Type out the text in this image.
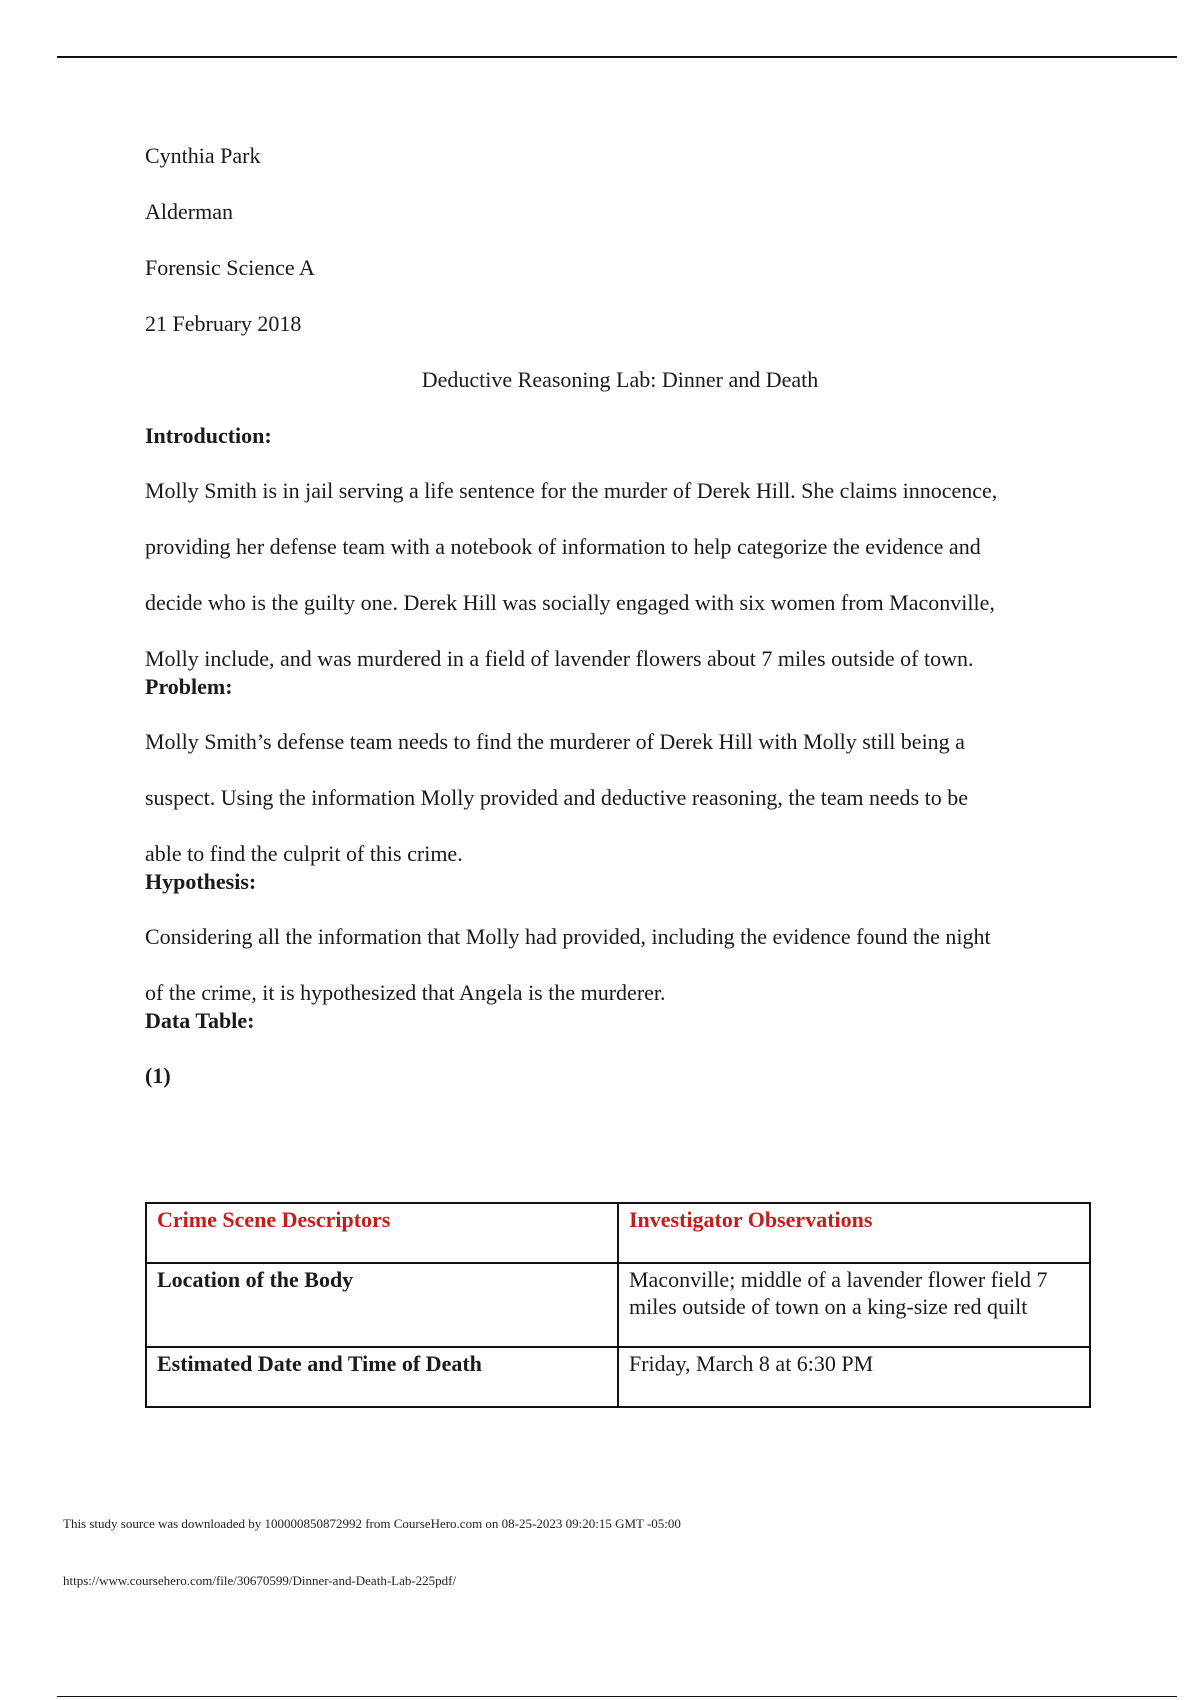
Cynthia Park
Alderman
Forensic Science A
21 February 2018
Deductive Reasoning Lab: Dinner and Death
Introduction:
Molly Smith is in jail serving a life sentence for the murder of Derek Hill. She claims innocence,
providing her defense team with a notebook of information to help categorize the evidence and
decide who is the guilty one. Derek Hill was socially engaged with six women from Maconville,
Molly include, and was murdered in a field of lavender flowers about 7 miles outside of town.
Problem:
Molly Smith’s defense team needs to find the murderer of Derek Hill with Molly still being a
suspect. Using the information Molly provided and deductive reasoning, the team needs to be
able to find the culprit of this crime.
Hypothesis:
Considering all the information that Molly had provided, including the evidence found the night
of the crime, it is hypothesized that Angela is the murderer.
Data Table:
(1)
Crime Scene Descriptors	Investigator Observations
Location of the Body	Maconville; middle of a lavender flower field 7 miles outside of town on a king-size red quilt
Estimated Date and Time of Death	Friday, March 8 at 6:30 PM
This study source was downloaded by 100000850872992 from CourseHero.com on 08-25-2023 09:20:15 GMT -05:00
https://www.coursehero.com/file/30670599/Dinner-and-Death-Lab-225pdf/
